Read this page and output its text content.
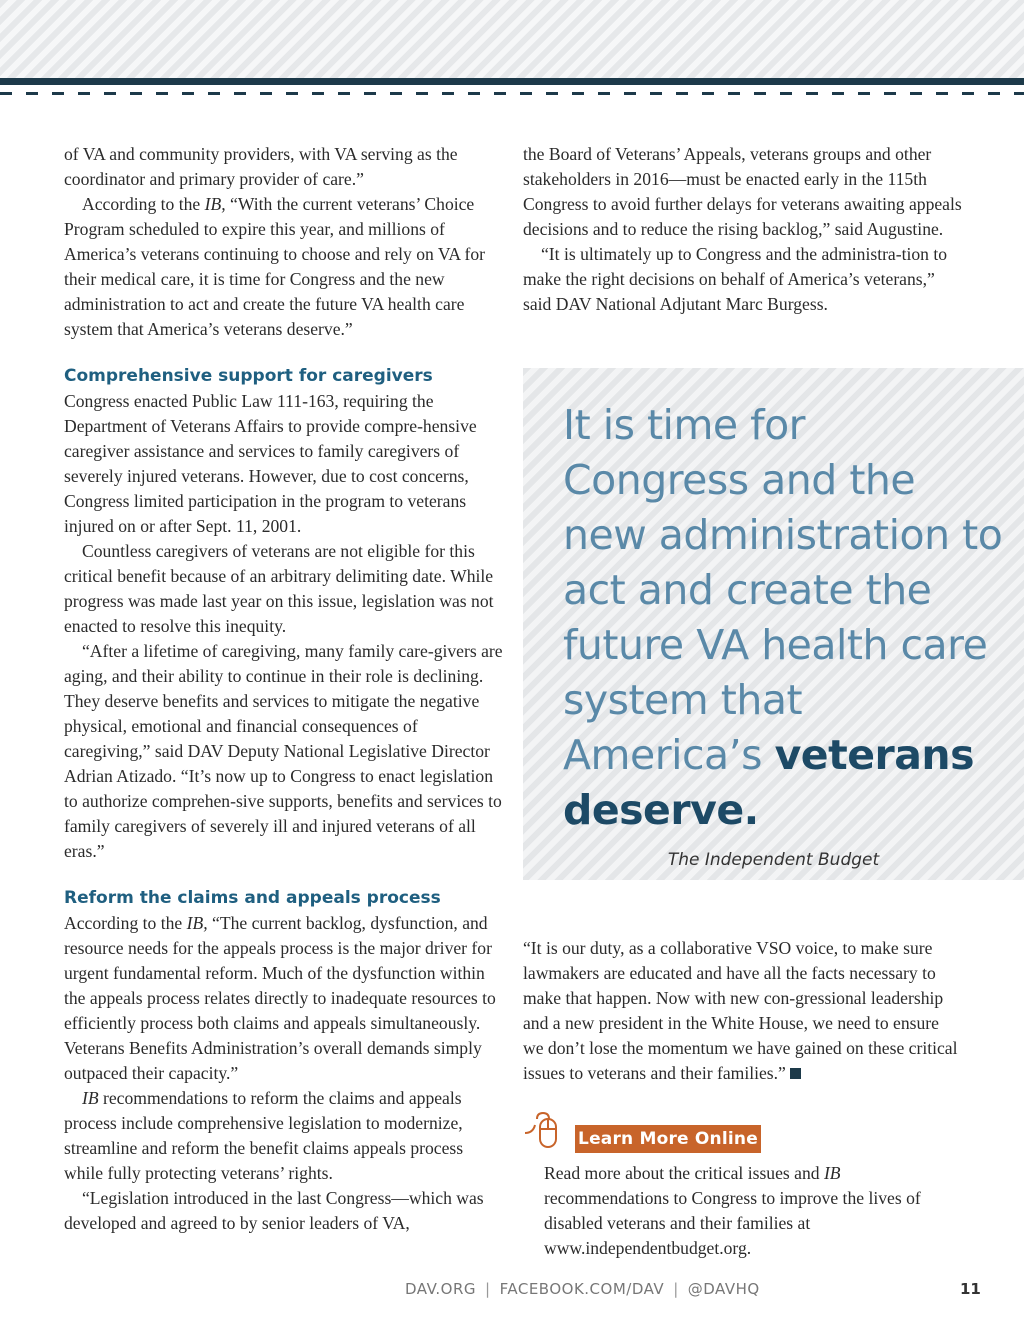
of VA and community providers, with VA serving as the coordinator and primary provider of care.”

According to the IB, “With the current veterans’ Choice Program scheduled to expire this year, and millions of America’s veterans continuing to choose and rely on VA for their medical care, it is time for Congress and the new administration to act and create the future VA health care system that America’s veterans deserve.”

Comprehensive support for caregivers

Congress enacted Public Law 111-163, requiring the Department of Veterans Affairs to provide compre-hensive caregiver assistance and services to family caregivers of severely injured veterans. However, due to cost concerns, Congress limited participation in the program to veterans injured on or after Sept. 11, 2001.

Countless caregivers of veterans are not eligible for this critical benefit because of an arbitrary delimiting date. While progress was made last year on this issue, legislation was not enacted to resolve this inequity.

“After a lifetime of caregiving, many family care-givers are aging, and their ability to continue in their role is declining. They deserve benefits and services to mitigate the negative physical, emotional and financial consequences of caregiving,” said DAV Deputy National Legislative Director Adrian Atizado. “It’s now up to Congress to enact legislation to authorize comprehen-sive supports, benefits and services to family caregivers of severely ill and injured veterans of all eras.”

Reform the claims and appeals process

According to the IB, “The current backlog, dysfunction, and resource needs for the appeals process is the major driver for urgent fundamental reform. Much of the dysfunction within the appeals process relates directly to inadequate resources to efficiently process both claims and appeals simultaneously. Veterans Benefits Administration’s overall demands simply outpaced their capacity.”

IB recommendations to reform the claims and appeals process include comprehensive legislation to modernize, streamline and reform the benefit claims appeals process while fully protecting veterans’ rights.

“Legislation introduced in the last Congress—which was developed and agreed to by senior leaders of VA,

the Board of Veterans’ Appeals, veterans groups and other stakeholders in 2016—must be enacted early in the 115th Congress to avoid further delays for veterans awaiting appeals decisions and to reduce the rising backlog,” said Augustine.

“It is ultimately up to Congress and the administra-tion to make the right decisions on behalf of America’s veterans,” said DAV National Adjutant Marc Burgess.

It is time for Congress and the new administration to act and create the future VA health care system that America’s veterans deserve.
The Independent Budget

“It is our duty, as a collaborative VSO voice, to make sure lawmakers are educated and have all the facts necessary to make that happen. Now with new con-gressional leadership and a new president in the White House, we need to ensure we don’t lose the momentum we have gained on these critical issues to veterans and their families.”

Learn More Online

Read more about the critical issues and IB recommendations to Congress to improve the lives of disabled veterans and their families at www.independentbudget.org.

DAV.ORG | FACEBOOK.COM/DAV | @DAVHQ	11
